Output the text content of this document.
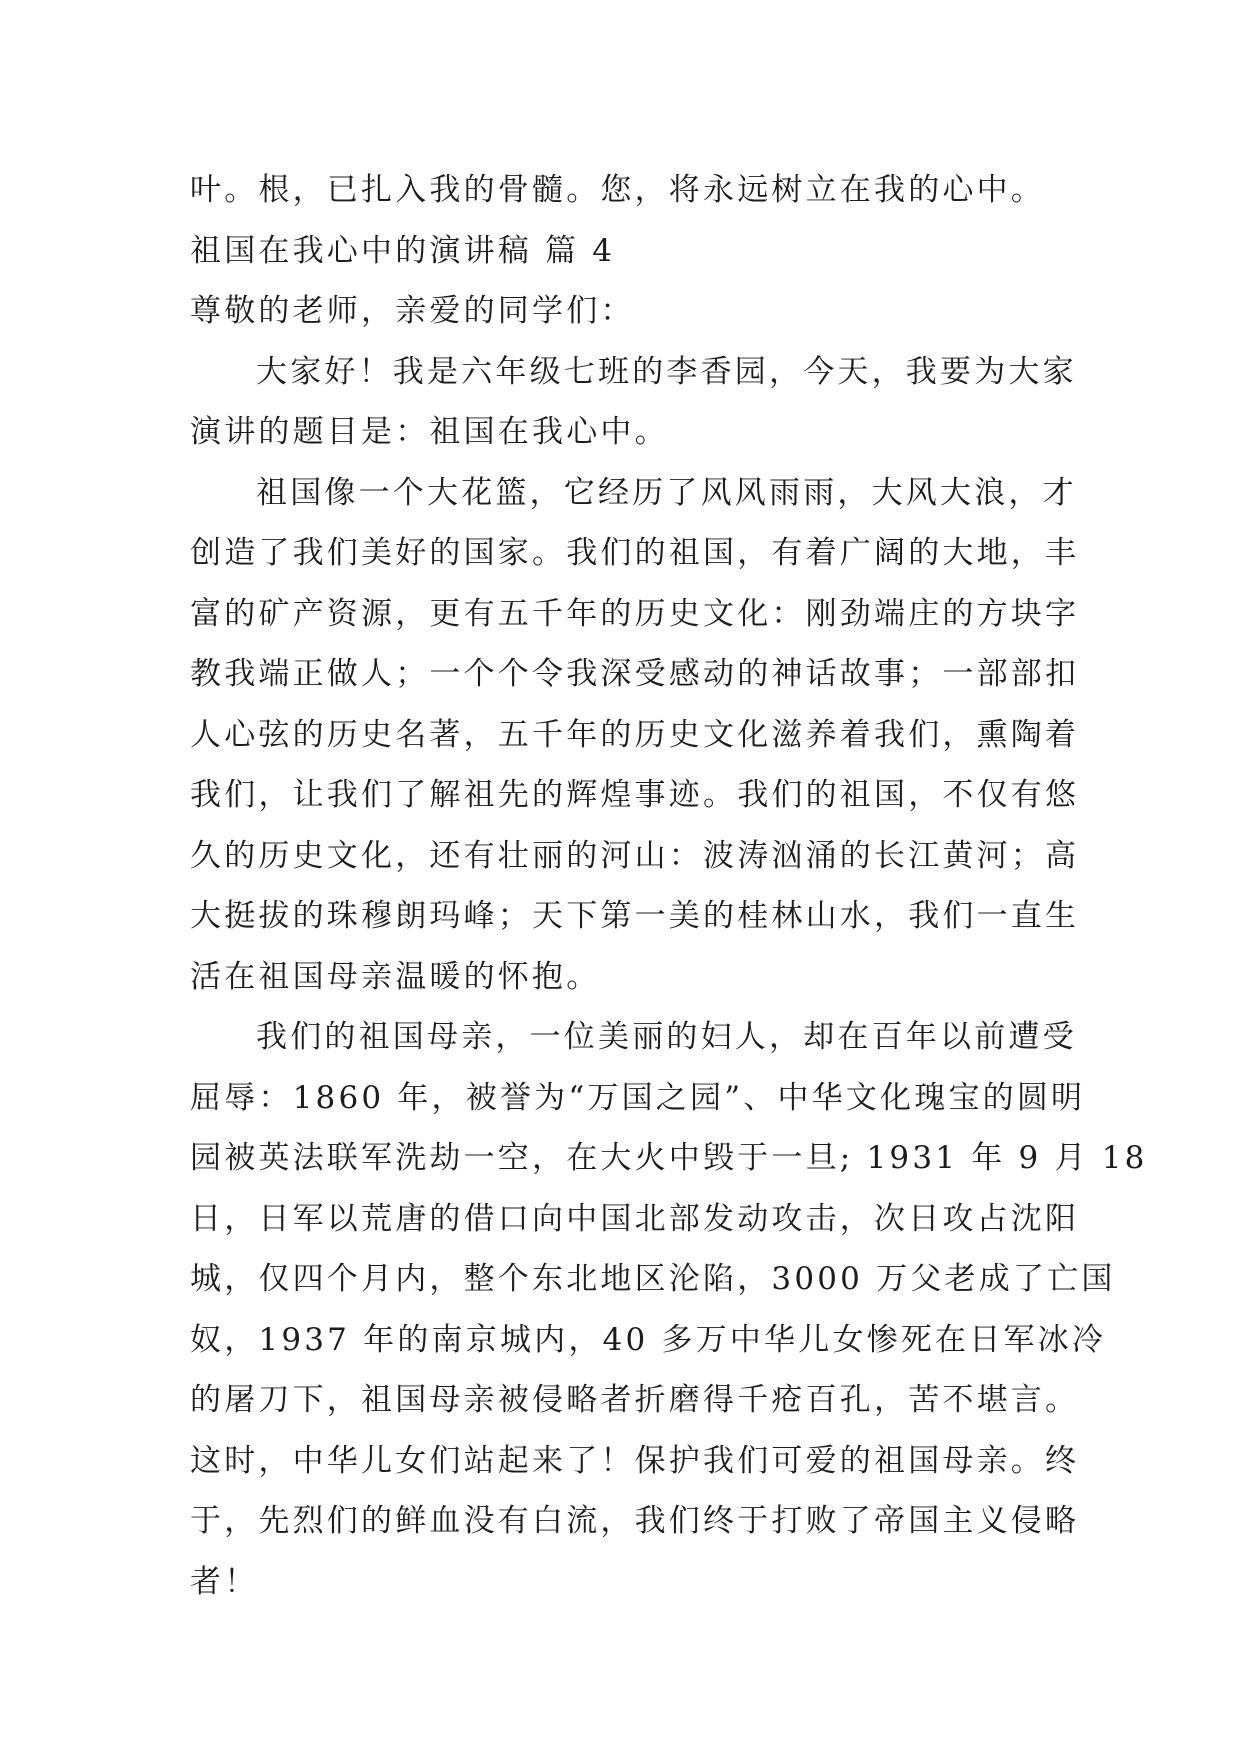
叶。根，已扎入我的骨髓。您，将永远树立在我的心中。
祖国在我心中的演讲稿 篇 4
尊敬的老师，亲爱的同学们：
大家好！我是六年级七班的李香园，今天，我要为大家
演讲的题目是：祖国在我心中。
祖国像一个大花篮，它经历了风风雨雨，大风大浪，才
创造了我们美好的国家。我们的祖国，有着广阔的大地，丰
富的矿产资源，更有五千年的历史文化：刚劲端庄的方块字
教我端正做人；一个个令我深受感动的神话故事；一部部扣
人心弦的历史名著，五千年的历史文化滋养着我们，熏陶着
我们，让我们了解祖先的辉煌事迹。我们的祖国，不仅有悠
久的历史文化，还有壮丽的河山：波涛汹涌的长江黄河；高
大挺拔的珠穆朗玛峰；天下第一美的桂林山水，我们一直生
活在祖国母亲温暖的怀抱。
我们的祖国母亲，一位美丽的妇人，却在百年以前遭受
屈辱：1860 年，被誉为“万国之园”、中华文化瑰宝的圆明
园被英法联军洗劫一空，在大火中毁于一旦; 1931 年 9 月 18
日，日军以荒唐的借口向中国北部发动攻击，次日攻占沈阳
城，仅四个月内，整个东北地区沦陷，3000 万父老成了亡国
奴，1937 年的南京城内，40 多万中华儿女惨死在日军冰冷
的屠刀下，祖国母亲被侵略者折磨得千疮百孔，苦不堪言。
这时，中华儿女们站起来了！保护我们可爱的祖国母亲。终
于，先烈们的鲜血没有白流，我们终于打败了帝国主义侵略
者！
